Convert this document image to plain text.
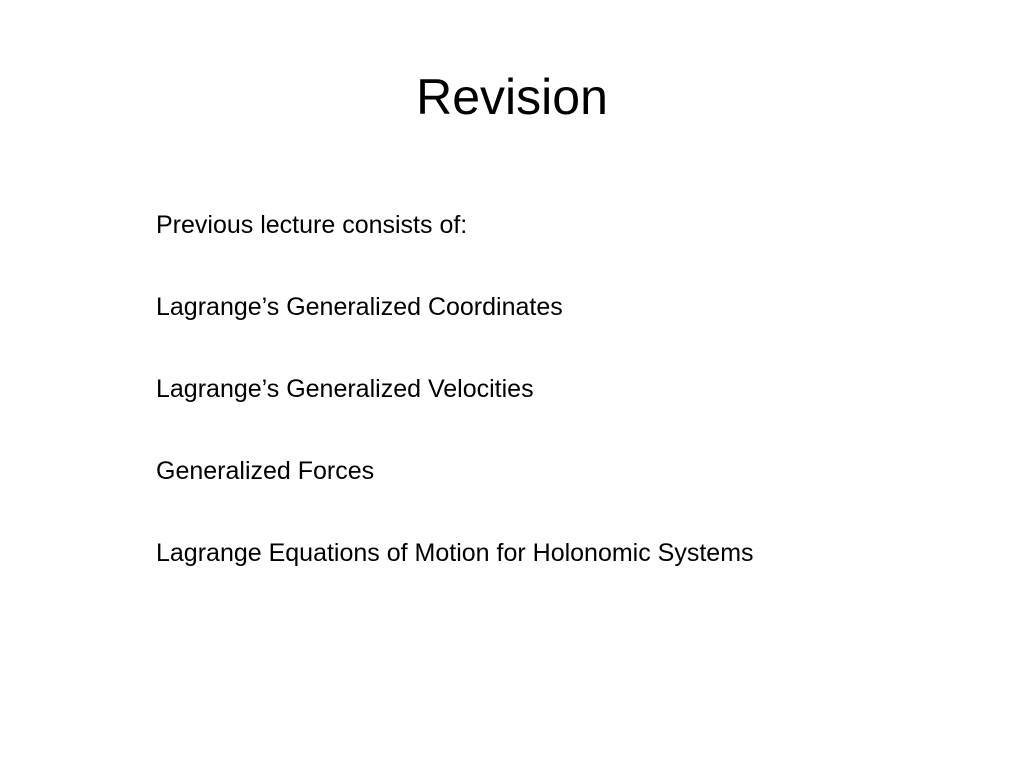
Revision
Previous lecture consists of:
Lagrange’s Generalized Coordinates
Lagrange’s Generalized Velocities
Generalized Forces
Lagrange Equations of Motion for Holonomic Systems
